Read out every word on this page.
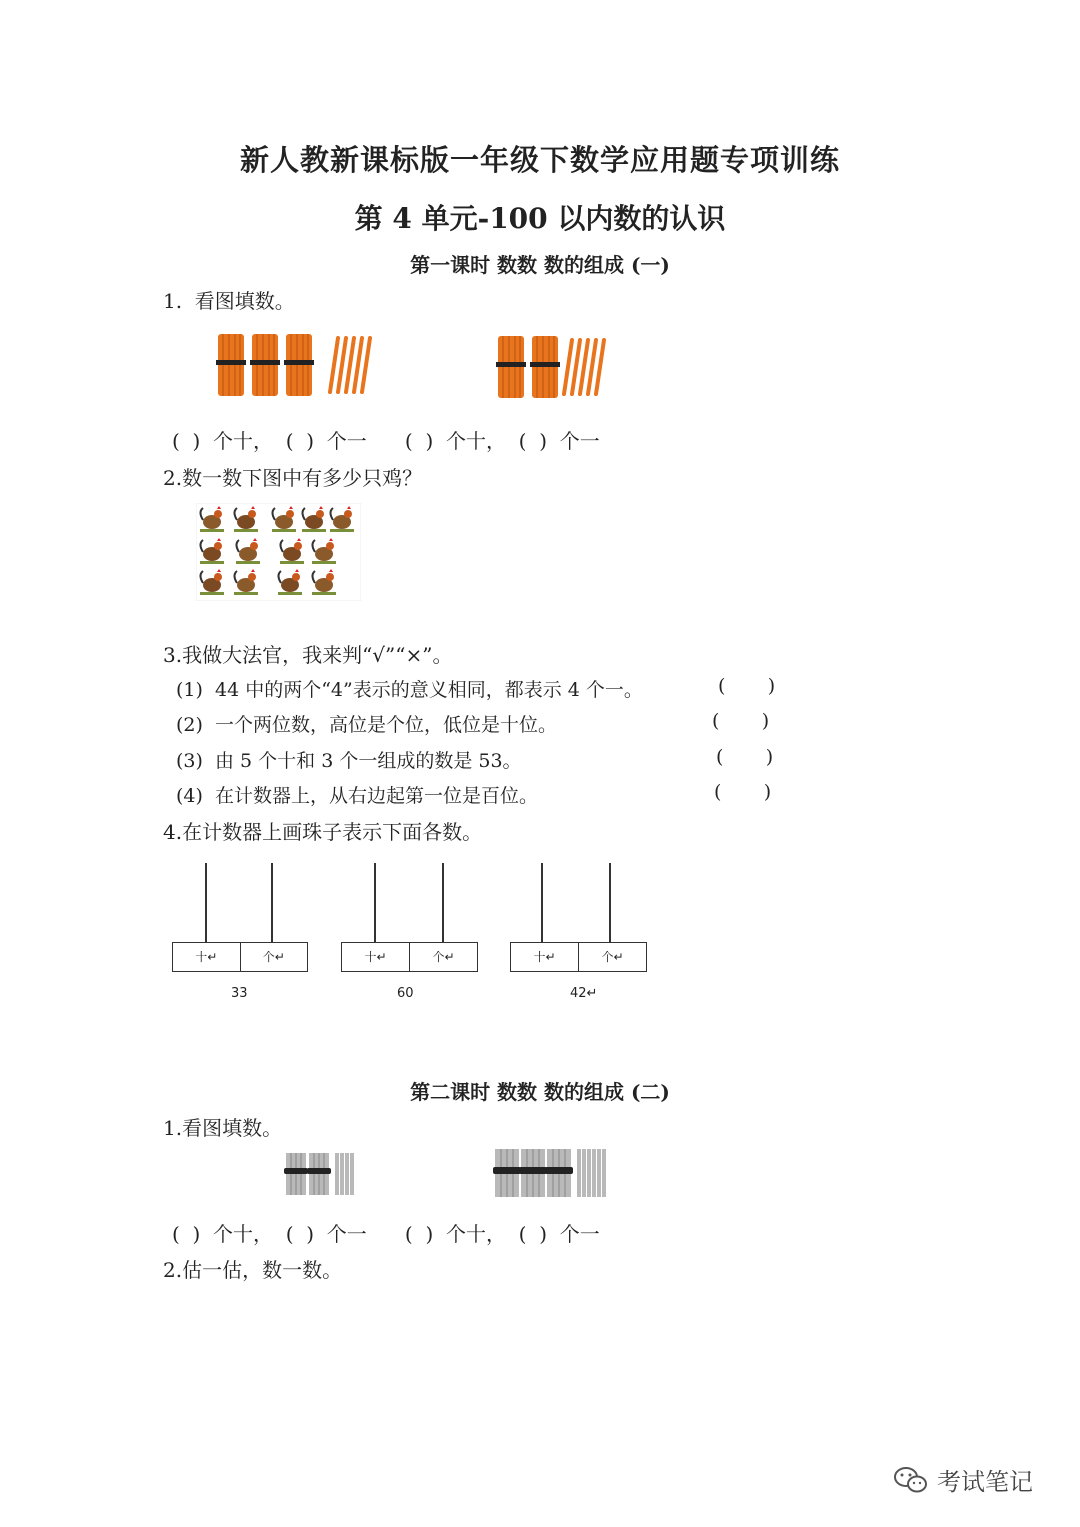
新人教新课标版一年级下数学应用题专项训练
第 4 单元-100 以内数的认识
第一课时 数数 数的组成 (一)
1.  看图填数。
(  )  个十，  (  )  个一      (  )  个十，  (  )  个一
2.数一数下图中有多少只鸡？
3.我做大法官，我来判“√”“×”。
(1)  44 中的两个“4”表示的意义相同，都表示 4 个一。	(       )
(2)  一个两位数，高位是个位，低位是十位。	(       )
(3)  由 5 个十和 3 个一组成的数是 53。	(       )
(4)  在计数器上，从右边起第一位是百位。	(       )
4.在计数器上画珠子表示下面各数。
十↵	个↵
33
十↵	个↵
60
十↵	个↵
42↵
第二课时 数数 数的组成 (二)
1.看图填数。
(  )  个十，  (  )  个一      (  )  个十，  (  )  个一
2.估一估，数一数。
考试笔记
